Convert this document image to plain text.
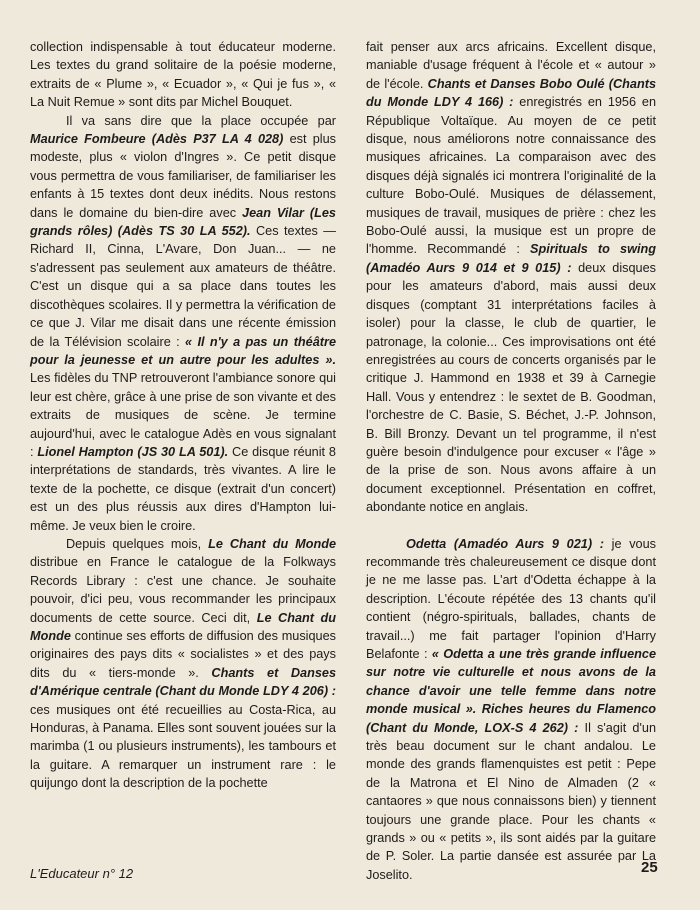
collection indispensable à tout éducateur moderne. Les textes du grand solitaire de la poésie moderne, extraits de « Plume », « Ecuador », « Qui je fus », « La Nuit Remue » sont dits par Michel Bouquet.

Il va sans dire que la place occupée par Maurice Fombeure (Adès P37 LA 4 028) est plus modeste, plus « violon d'Ingres ». Ce petit disque vous permettra de vous familiariser, de familiariser les enfants à 15 textes dont deux inédits. Nous restons dans le domaine du bien-dire avec Jean Vilar (Les grands rôles) (Adès TS 30 LA 552). Ces textes — Richard II, Cinna, L'Avare, Don Juan... — ne s'adressent pas seulement aux amateurs de théâtre. C'est un disque qui a sa place dans toutes les discothèques scolaires. Il y permettra la vérification de ce que J. Vilar me disait dans une récente émission de la Télévision scolaire : « Il n'y a pas un théâtre pour la jeunesse et un autre pour les adultes ». Les fidèles du TNP retrouveront l'ambiance sonore qui leur est chère, grâce à une prise de son vivante et des extraits de musiques de scène. Je termine aujourd'hui, avec le catalogue Adès en vous signalant : Lionel Hampton (JS 30 LA 501). Ce disque réunit 8 interprétations de standards, très vivantes. A lire le texte de la pochette, ce disque (extrait d'un concert) est un des plus réussis aux dires d'Hampton lui-même. Je veux bien le croire.

Depuis quelques mois, Le Chant du Monde distribue en France le catalogue de la Folkways Records Library : c'est une chance. Je souhaite pouvoir, d'ici peu, vous recommander les principaux documents de cette source. Ceci dit, Le Chant du Monde continue ses efforts de diffusion des musiques originaires des pays dits « socialistes » et des pays dits du « tiers-monde ». Chants et Danses d'Amérique centrale (Chant du Monde LDY 4 206) : ces musiques ont été recueillies au Costa-Rica, au Honduras, à Panama. Elles sont souvent jouées sur la marimba (1 ou plusieurs instruments), les tambours et la guitare. A remarquer un instrument rare : le quijungo dont la description de la pochette

fait penser aux arcs africains. Excellent disque, maniable d'usage fréquent à l'école et « autour » de l'école. Chants et Danses Bobo Oulé (Chants du Monde LDY 4 166) : enregistrés en 1956 en République Voltaïque. Au moyen de ce petit disque, nous améliorons notre connaissance des musiques africaines. La comparaison avec des disques déjà signalés ici montrera l'originalité de la culture Bobo-Oulé. Musiques de délassement, musiques de travail, musiques de prière : chez les Bobo-Oulé aussi, la musique est un propre de l'homme. Recommandé : Spirituals to swing (Amadéo Aurs 9 014 et 9 015) : deux disques pour les amateurs d'abord, mais aussi deux disques (comptant 31 interprétations faciles à isoler) pour la classe, le club de quartier, le patronage, la colonie... Ces improvisations ont été enregistrées au cours de concerts organisés par le critique J. Hammond en 1938 et 39 à Carnegie Hall. Vous y entendrez : le sextet de B. Goodman, l'orchestre de C. Basie, S. Béchet, J.-P. Johnson, B. Bill Bronzy. Devant un tel programme, il n'est guère besoin d'indulgence pour excuser « l'âge » de la prise de son. Nous avons affaire à un document exceptionnel. Présentation en coffret, abondante notice en anglais.

Odetta (Amadéo Aurs 9 021) : je vous recommande très chaleureusement ce disque dont je ne me lasse pas. L'art d'Odetta échappe à la description. L'écoute répétée des 13 chants qu'il contient (négro-spirituals, ballades, chants de travail...) me fait partager l'opinion d'Harry Belafonte : « Odetta a une très grande influence sur notre vie culturelle et nous avons de la chance d'avoir une telle femme dans notre monde musical ». Riches heures du Flamenco (Chant du Monde, LOX-S 4 262) : Il s'agit d'un très beau document sur le chant andalou. Le monde des grands flamenquistes est petit : Pepe de la Matrona et El Nino de Almaden (2 « cantaores » que nous connaissons bien) y tiennent toujours une grande place. Pour les chants « grands » ou « petits », ils sont aidés par la guitare de P. Soler. La partie dansée est assurée par La Joselito.

L'Educateur n° 12	25
